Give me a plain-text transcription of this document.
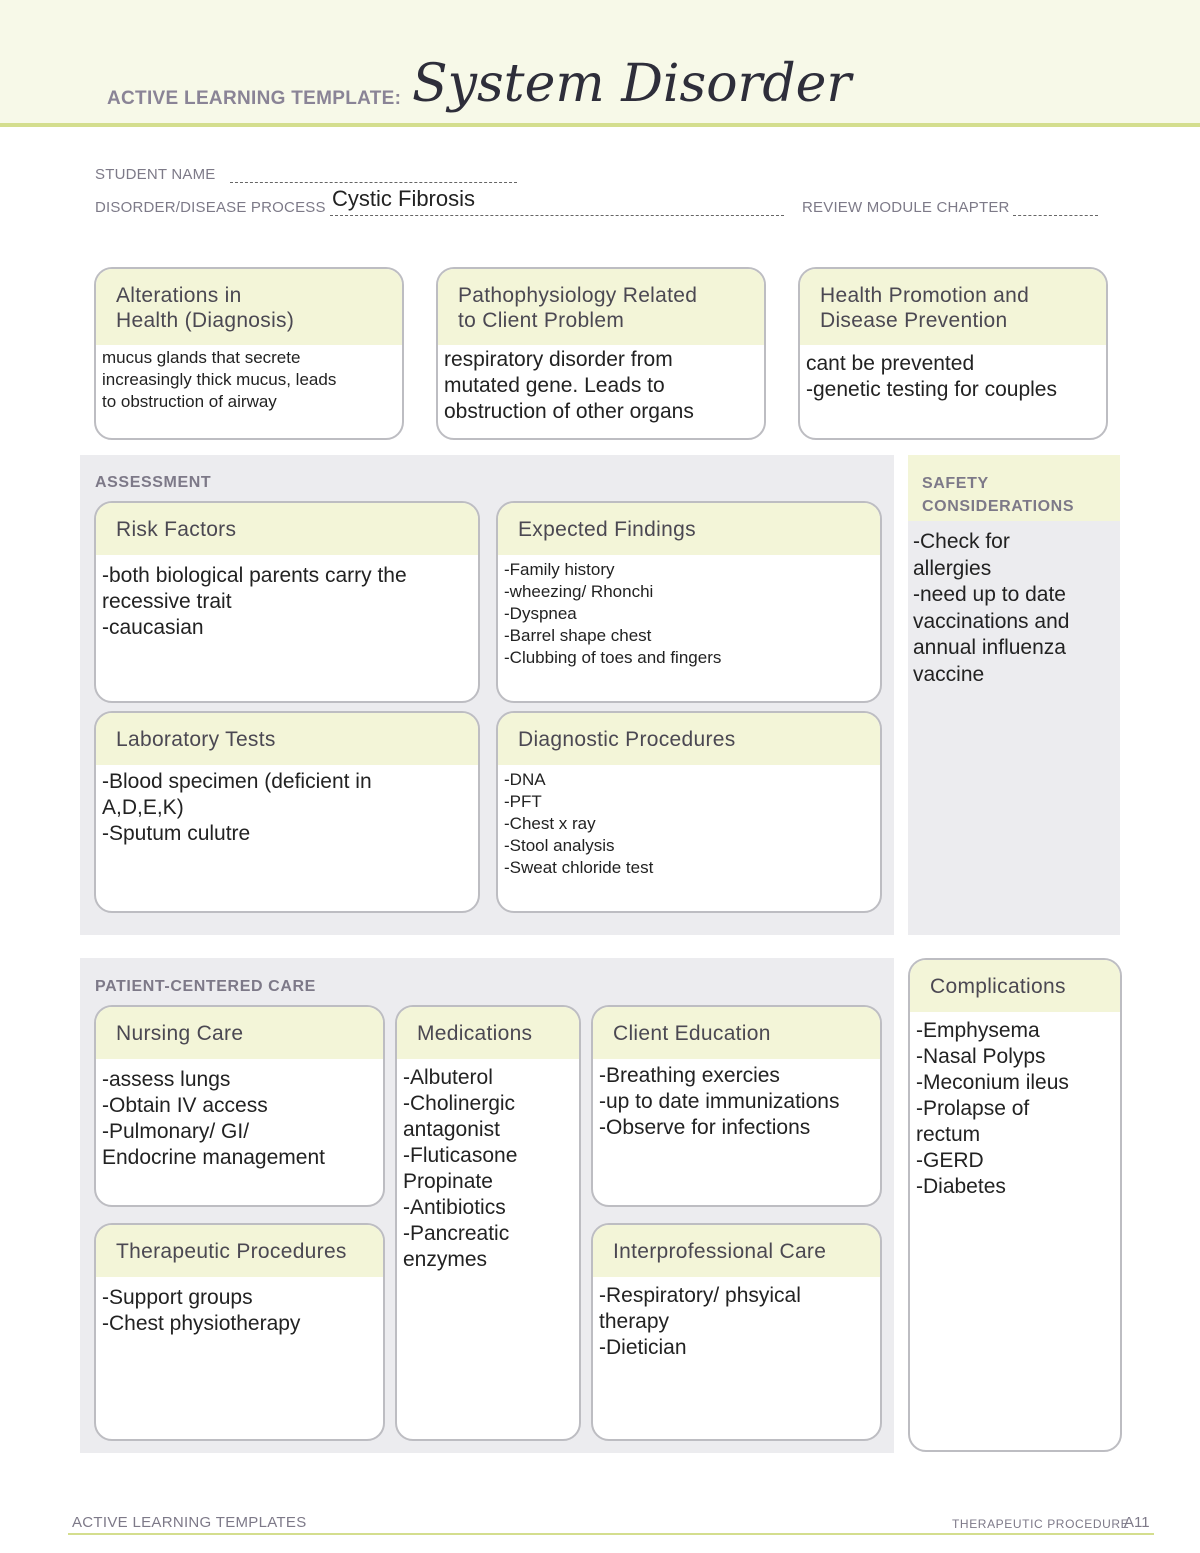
ACTIVE LEARNING TEMPLATE: System Disorder
STUDENT NAME
DISORDER/DISEASE PROCESS Cystic Fibrosis	REVIEW MODULE CHAPTER
Alterations in
Health (Diagnosis)
mucus glands that secrete
increasingly thick mucus, leads
to obstruction of airway
Pathophysiology Related
to Client Problem
respiratory disorder from
mutated gene. Leads to
obstruction of other organs
Health Promotion and
Disease Prevention
cant be prevented
-genetic testing for couples
ASSESSMENT
Risk Factors
-both biological parents carry the
recessive trait
-caucasian
Expected Findings
-Family history
-wheezing/ Rhonchi
-Dyspnea
-Barrel shape chest
-Clubbing of toes and fingers
Laboratory Tests
-Blood specimen (deficient in
A,D,E,K)
-Sputum culutre
Diagnostic Procedures
-DNA
-PFT
-Chest x ray
-Stool analysis
-Sweat chloride test
SAFETY
CONSIDERATIONS
-Check for
allergies
-need up to date
vaccinations and
annual influenza
vaccine
PATIENT-CENTERED CARE
Nursing Care
-assess lungs
-Obtain IV access
-Pulmonary/ GI/
Endocrine management
Medications
-Albuterol
-Cholinergic
antagonist
-Fluticasone
Propinate
-Antibiotics
-Pancreatic
enzymes
Client Education
-Breathing exercies
-up to date immunizations
-Observe for infections
Therapeutic Procedures
-Support groups
-Chest physiotherapy
Interprofessional Care
-Respiratory/ phsyical
therapy
-Dietician
Complications
-Emphysema
-Nasal Polyps
-Meconium ileus
-Prolapse of
rectum
-GERD
-Diabetes
ACTIVE LEARNING TEMPLATES	THERAPEUTIC PROCEDURE
A11
